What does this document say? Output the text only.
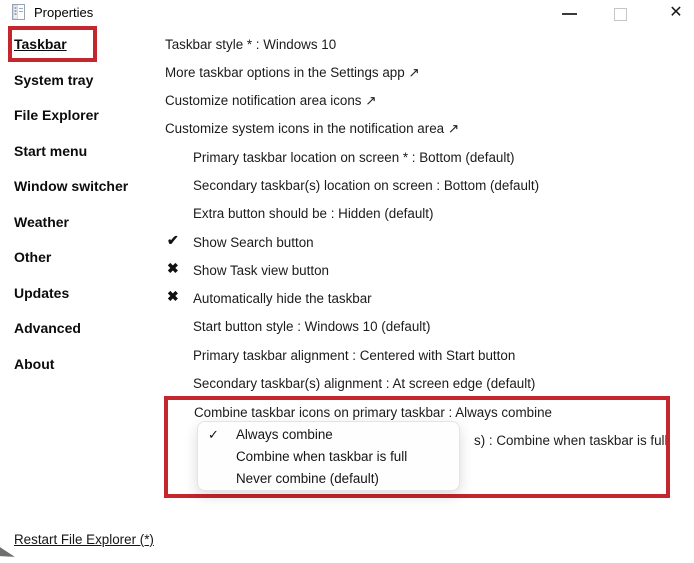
Properties	✕
Taskbar
System tray
File Explorer
Start menu
Window switcher
Weather
Other
Updates
Advanced
About
Restart File Explorer (*)
Taskbar style * : Windows 10
More taskbar options in the Settings app ↗
Customize notification area icons ↗
Customize system icons in the notification area ↗
Primary taskbar location on screen * : Bottom (default)
Secondary taskbar(s) location on screen : Bottom (default)
Extra button should be : Hidden (default)
✔ Show Search button
✖ Show Task view button
✖ Automatically hide the taskbar
Start button style : Windows 10 (default)
Primary taskbar alignment : Centered with Start button
Secondary taskbar(s) alignment : At screen edge (default)
Combine taskbar icons on primary taskbar : Always combine
s) : Combine when taskbar is full
✓ Always combine
Combine when taskbar is full
Never combine (default)
